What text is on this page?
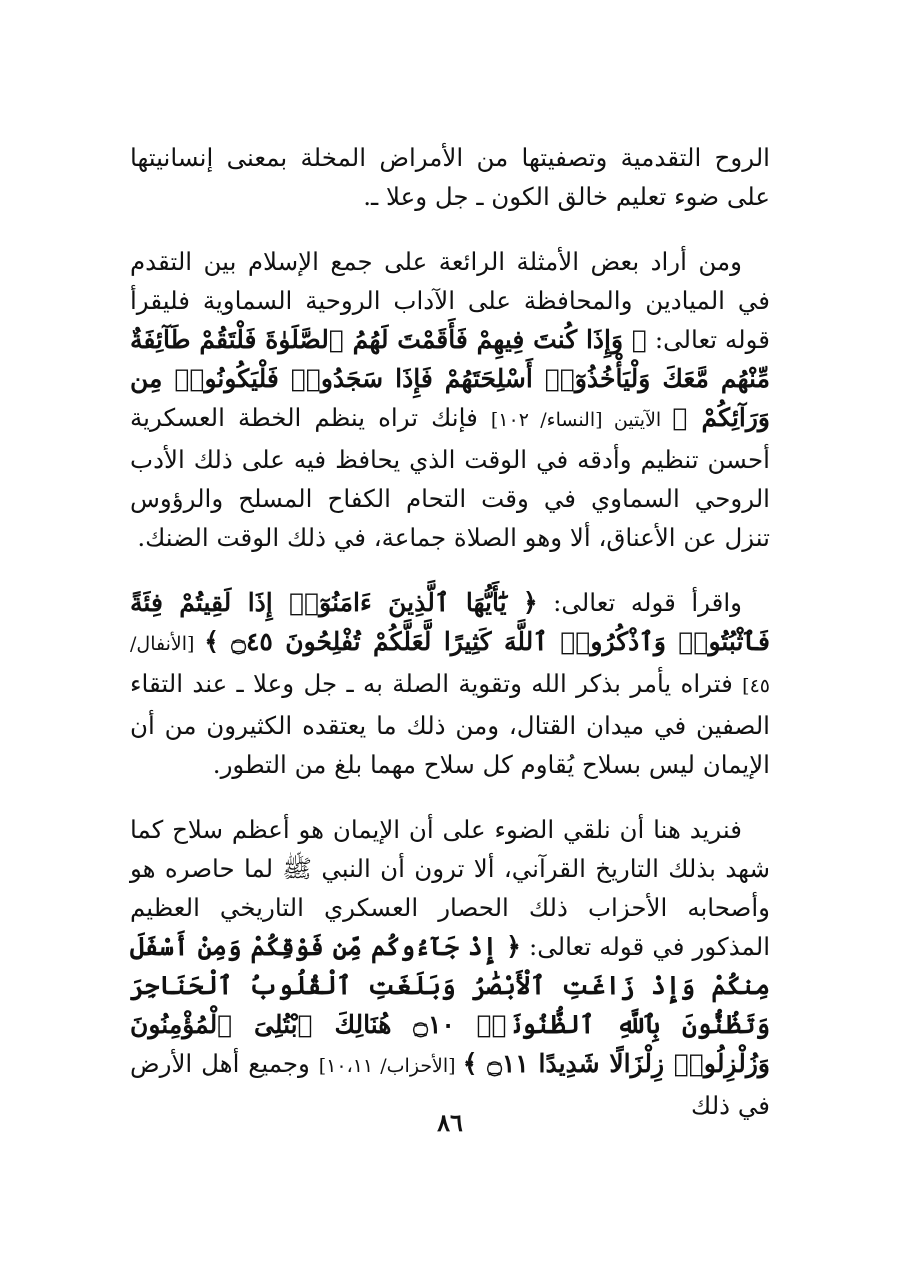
الروح التقدمية وتصفيتها من الأمراض المخلة بمعنى إنسانيتها على ضوء تعليم خالق الكون ـ جل وعلا ـ.

ومن أراد بعض الأمثلة الرائعة على جمع الإسلام بين التقدم في الميادين والمحافظة على الآداب الروحية السماوية فليقرأ قوله تعالى: ﴿ وَإِذَا كُنتَ فِيهِمْ فَأَقَمْتَ لَهُمُ ٱلصَّلَوٰةَ فَلْتَقُمْ طَآئِفَةٌ مِّنْهُم مَّعَكَ وَلْيَأْخُذُوٓا۟ أَسْلِحَتَهُمْ فَإِذَا سَجَدُوا۟ فَلْيَكُونُوا۟ مِن وَرَآئِكُمْ ﴾ الآيتين [النساء/ ١٠٢] فإنك تراه ينظم الخطة العسكرية أحسن تنظيم وأدقه في الوقت الذي يحافظ فيه على ذلك الأدب الروحي السماوي في وقت التحام الكفاح المسلح والرؤوس تنزل عن الأعناق، ألا وهو الصلاة جماعة، في ذلك الوقت الضنك.

واقرأ قوله تعالى: ﴿ يَٰٓأَيُّهَا ٱلَّذِينَ ءَامَنُوٓا۟ إِذَا لَقِيتُمْ فِئَةً فَٱثْبُتُوا۟ وَٱذْكُرُوا۟ ٱللَّهَ كَثِيرًا لَّعَلَّكُمْ تُفْلِحُونَ ۝٤٥ ﴾ [الأنفال/ ٤٥] فتراه يأمر بذكر الله وتقوية الصلة به ـ جل وعلا ـ عند التقاء الصفين في ميدان القتال، ومن ذلك ما يعتقده الكثيرون من أن الإيمان ليس بسلاح يُقاوم كل سلاح مهما بلغ من التطور.

فنريد هنا أن نلقي الضوء على أن الإيمان هو أعظم سلاح كما شهد بذلك التاريخ القرآني، ألا ترون أن النبي ﷺ لما حاصره هو وأصحابه الأحزاب ذلك الحصار العسكري التاريخي العظيم المذكور في قوله تعالى: ﴿ إِذْ جَآءُوكُم مِّن فَوْقِكُمْ وَمِنْ أَسْفَلَ مِنكُمْ وَإِذْ زَاغَتِ ٱلْأَبْصَٰرُ وَبَلَغَتِ ٱلْقُلُوبُ ٱلْحَنَاجِرَ وَتَظُنُّونَ بِٱللَّهِ ٱلظُّنُونَا۠ ۝١٠ هُنَالِكَ ٱبْتُلِىَ ٱلْمُؤْمِنُونَ وَزُلْزِلُوا۟ زِلْزَالًا شَدِيدًا ۝١١ ﴾ [الأحزاب/ ١٠،١١] وجميع أهل الأرض في ذلك

٨٦
